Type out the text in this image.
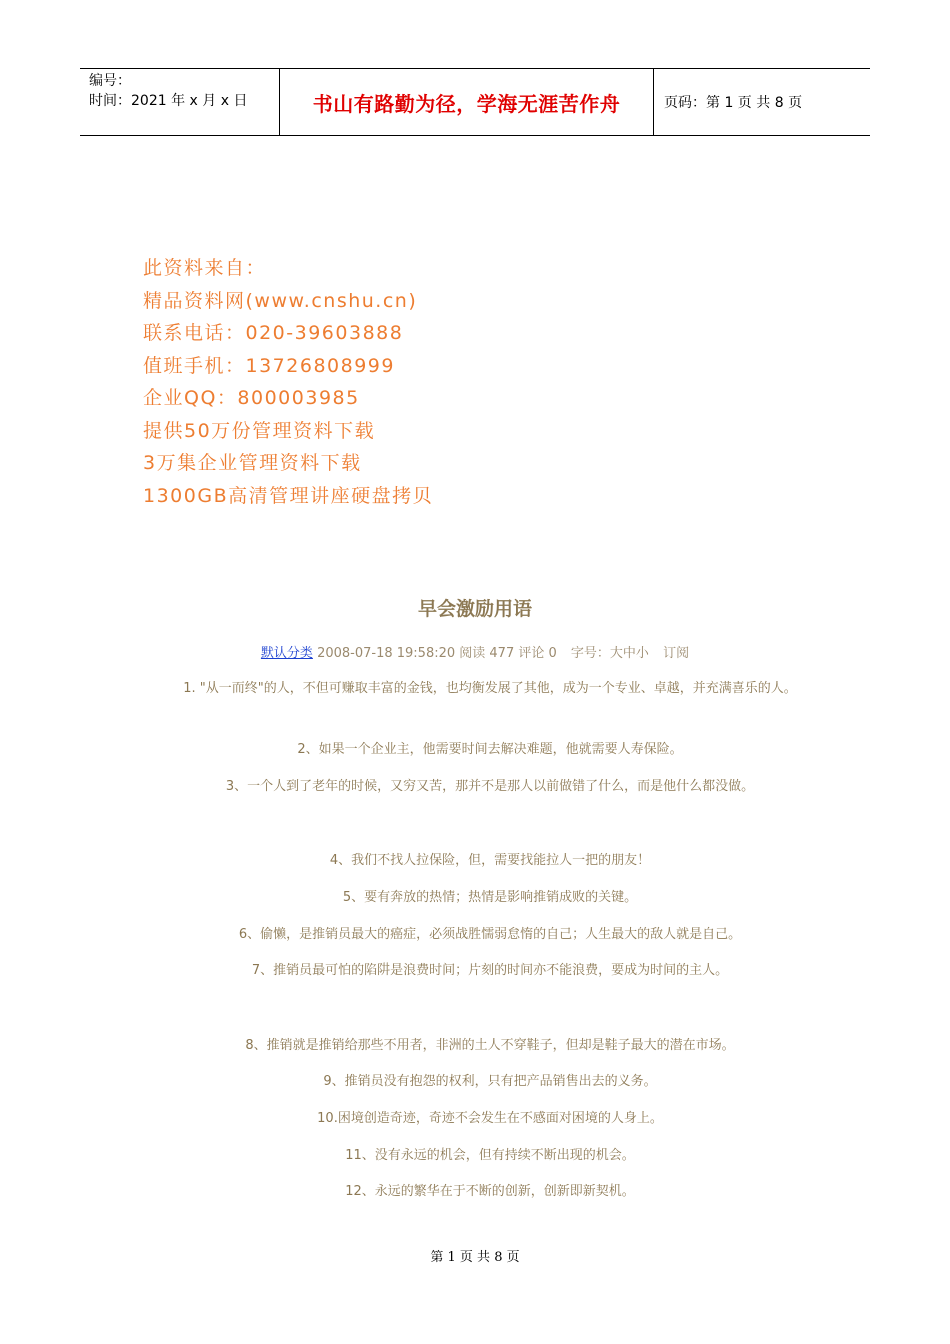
编号：
时间：2021 年 x 月 x 日	书山有路勤为径，学海无涯苦作舟	页码：第 1 页 共 8 页
此资料来自：
精品资料网(www.cnshu.cn)
联系电话：020-39603888
值班手机：13726808999
企业QQ：800003985
提供50万份管理资料下载
3万集企业管理资料下载
1300GB高清管理讲座硬盘拷贝
早会激励用语
默认分类 2008-07-18 19:58:20 阅读 477 评论 0 字号：大中小 订阅
1. "从一而终"的人，不但可赚取丰富的金钱，也均衡发展了其他，成为一个专业、卓越，并充满喜乐的人。
2、如果一个企业主，他需要时间去解决难题，他就需要人寿保险。
3、一个人到了老年的时候，又穷又苦，那并不是那人以前做错了什么，而是他什么都没做。
4、我们不找人拉保险，但，需要找能拉人一把的朋友！
5、要有奔放的热情；热情是影响推销成败的关键。
6、偷懒，是推销员最大的癌症，必须战胜懦弱怠惰的自己；人生最大的敌人就是自己。
7、推销员最可怕的陷阱是浪费时间；片刻的时间亦不能浪费，要成为时间的主人。
8、推销就是推销给那些不用者，非洲的土人不穿鞋子，但却是鞋子最大的潜在市场。
9、推销员没有抱怨的权利，只有把产品销售出去的义务。
10.困境创造奇迹，奇迹不会发生在不感面对困境的人身上。
11、没有永远的机会，但有持续不断出现的机会。
12、永远的繁华在于不断的创新，创新即新契机。
第 1 页 共 8 页
